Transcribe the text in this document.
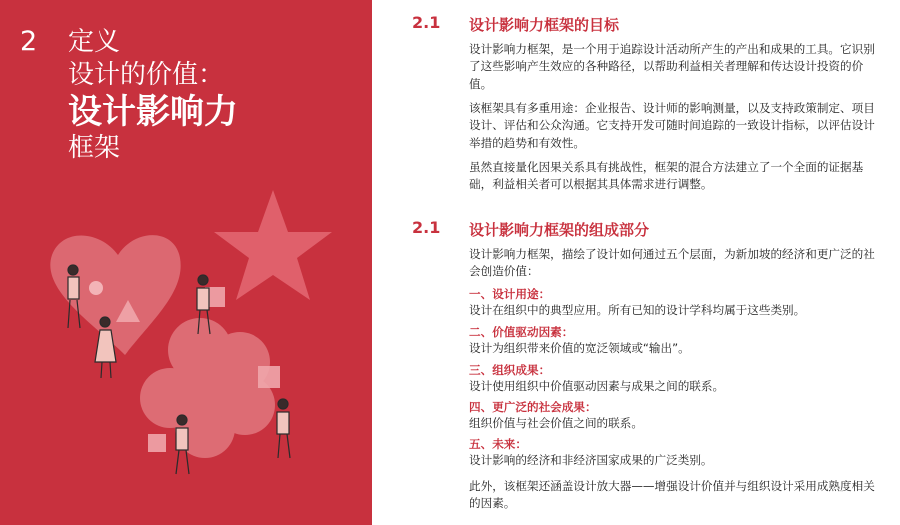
2 定义
设计的价值：
设计影响力
框架
2.1 设计影响力框架的目标
设计影响力框架，是一个用于追踪设计活动所产生的产出和成果的工具。它识别了这些影响产生效应的各种路径，以帮助利益相关者理解和传达设计投资的价值。
该框架具有多重用途：企业报告、设计师的影响测量，以及支持政策制定、项目设计、评估和公众沟通。它支持开发可随时间追踪的一致设计指标，以评估设计举措的趋势和有效性。
虽然直接量化因果关系具有挑战性，框架的混合方法建立了一个全面的证据基础，利益相关者可以根据其具体需求进行调整。
2.1 设计影响力框架的组成部分
设计影响力框架，描绘了设计如何通过五个层面，为新加坡的经济和更广泛的社会创造价值：
一、设计用途：
设计在组织中的典型应用。所有已知的设计学科均属于这些类别。
二、价值驱动因素：
设计为组织带来价值的宽泛领域或“输出”。
三、组织成果：
设计使用组织中价值驱动因素与成果之间的联系。
四、更广泛的社会成果：
组织价值与社会价值之间的联系。
五、未来：
设计影响的经济和非经济国家成果的广泛类别。
此外，该框架还涵盖设计放大器——增强设计价值并与组织设计采用成熟度相关的因素。
